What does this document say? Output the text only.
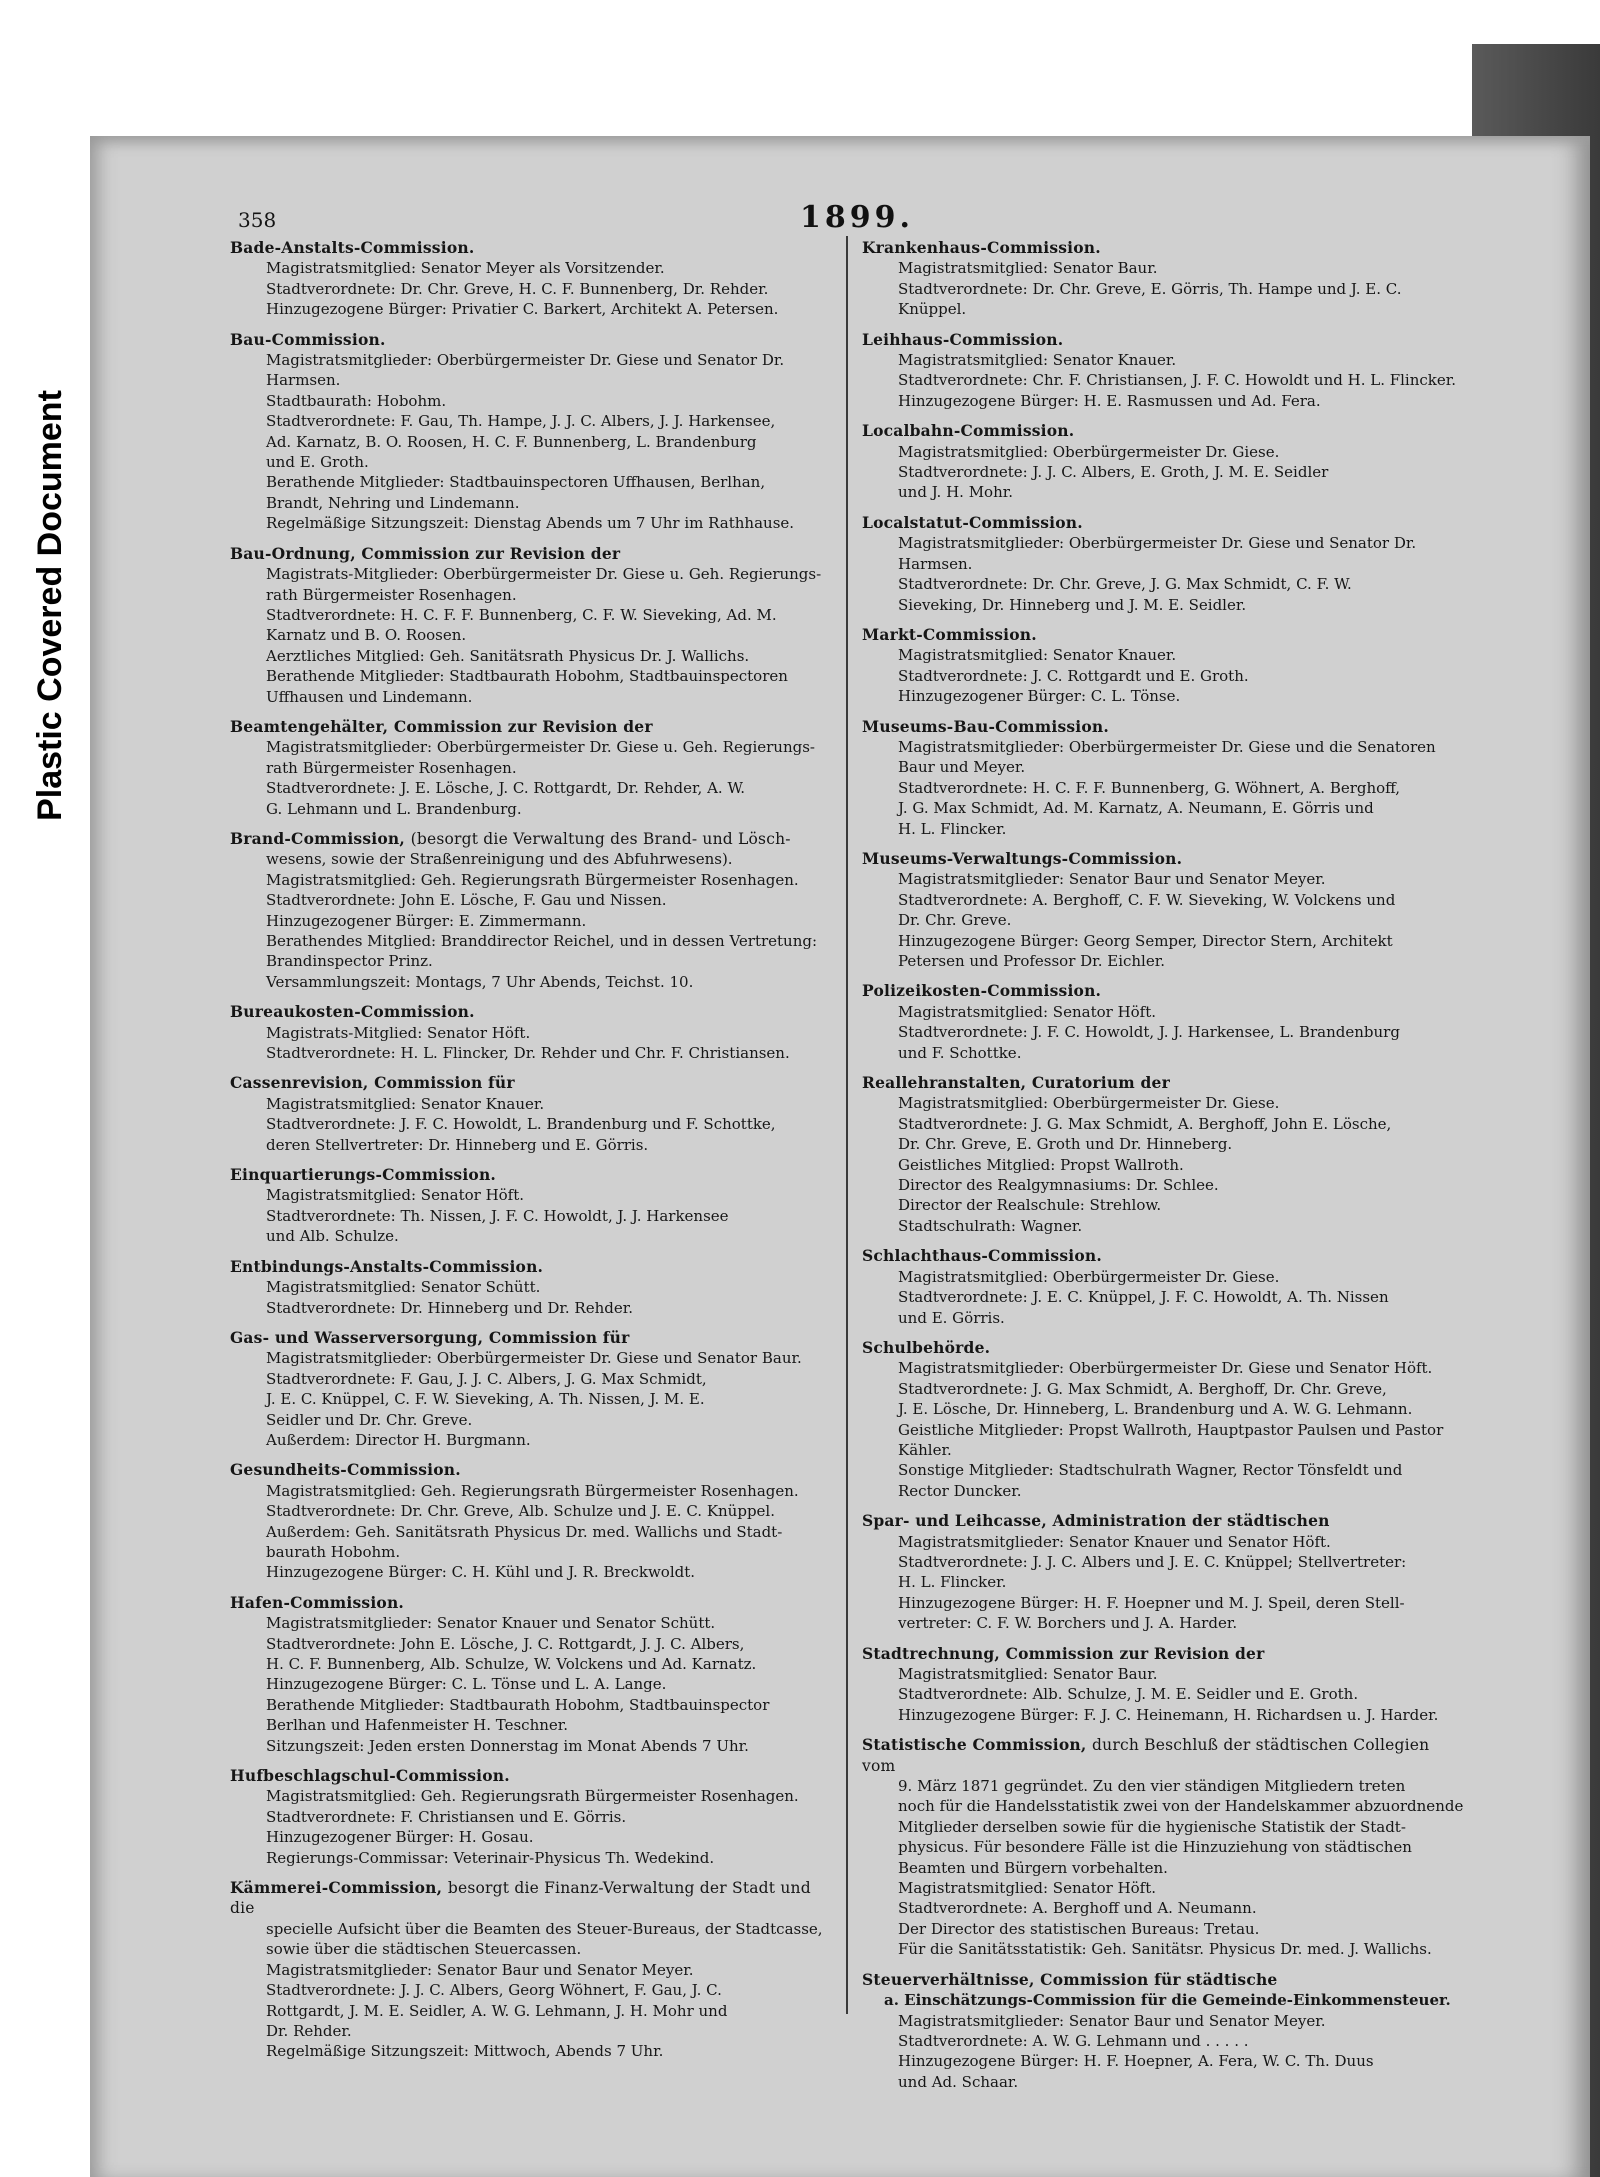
Plastic Covered Document
358	1899.
Bade-Anstalts-Commission.
Magistratsmitglied: Senator Meyer als Vorsitzender.
Stadtverordnete: Dr. Chr. Greve, H. C. F. Bunnenberg, Dr. Rehder.
Hinzugezogene Bürger: Privatier C. Barkert, Architekt A. Petersen.
Bau-Commission.
Magistratsmitglieder: Oberbürgermeister Dr. Giese und Senator Dr.
Harmsen.
Stadtbaurath: Hobohm.
Stadtverordnete: F. Gau, Th. Hampe, J. J. C. Albers, J. J. Harkensee,
Ad. Karnatz, B. O. Roosen, H. C. F. Bunnenberg, L. Brandenburg
und E. Groth.
Berathende Mitglieder: Stadtbauinspectoren Uffhausen, Berlhan,
Brandt, Nehring und Lindemann.
Regelmäßige Sitzungszeit: Dienstag Abends um 7 Uhr im Rathhause.
Bau-Ordnung, Commission zur Revision der
Magistrats-Mitglieder: Oberbürgermeister Dr. Giese u. Geh. Regierungs-
rath Bürgermeister Rosenhagen.
Stadtverordnete: H. C. F. F. Bunnenberg, C. F. W. Sieveking, Ad. M.
Karnatz und B. O. Roosen.
Aerztliches Mitglied: Geh. Sanitätsrath Physicus Dr. J. Wallichs.
Berathende Mitglieder: Stadtbaurath Hobohm, Stadtbauinspectoren
Uffhausen und Lindemann.
Beamtengehälter, Commission zur Revision der
Magistratsmitglieder: Oberbürgermeister Dr. Giese u. Geh. Regierungs-
rath Bürgermeister Rosenhagen.
Stadtverordnete: J. E. Lösche, J. C. Rottgardt, Dr. Rehder, A. W.
G. Lehmann und L. Brandenburg.
Brand-Commission, (besorgt die Verwaltung des Brand- und Lösch-
wesens, sowie der Straßenreinigung und des Abfuhrwesens).
Magistratsmitglied: Geh. Regierungsrath Bürgermeister Rosenhagen.
Stadtverordnete: John E. Lösche, F. Gau und Nissen.
Hinzugezogener Bürger: E. Zimmermann.
Berathendes Mitglied: Branddirector Reichel, und in dessen Vertretung:
Brandinspector Prinz.
Versammlungszeit: Montags, 7 Uhr Abends, Teichst. 10.
Bureaukosten-Commission.
Magistrats-Mitglied: Senator Höft.
Stadtverordnete: H. L. Flincker, Dr. Rehder und Chr. F. Christiansen.
Cassenrevision, Commission für
Magistratsmitglied: Senator Knauer.
Stadtverordnete: J. F. C. Howoldt, L. Brandenburg und F. Schottke,
deren Stellvertreter: Dr. Hinneberg und E. Görris.
Einquartierungs-Commission.
Magistratsmitglied: Senator Höft.
Stadtverordnete: Th. Nissen, J. F. C. Howoldt, J. J. Harkensee
und Alb. Schulze.
Entbindungs-Anstalts-Commission.
Magistratsmitglied: Senator Schütt.
Stadtverordnete: Dr. Hinneberg und Dr. Rehder.
Gas- und Wasserversorgung, Commission für
Magistratsmitglieder: Oberbürgermeister Dr. Giese und Senator Baur.
Stadtverordnete: F. Gau, J. J. C. Albers, J. G. Max Schmidt,
J. E. C. Knüppel, C. F. W. Sieveking, A. Th. Nissen, J. M. E.
Seidler und Dr. Chr. Greve.
Außerdem: Director H. Burgmann.
Gesundheits-Commission.
Magistratsmitglied: Geh. Regierungsrath Bürgermeister Rosenhagen.
Stadtverordnete: Dr. Chr. Greve, Alb. Schulze und J. E. C. Knüppel.
Außerdem: Geh. Sanitätsrath Physicus Dr. med. Wallichs und Stadt-
baurath Hobohm.
Hinzugezogene Bürger: C. H. Kühl und J. R. Breckwoldt.
Hafen-Commission.
Magistratsmitglieder: Senator Knauer und Senator Schütt.
Stadtverordnete: John E. Lösche, J. C. Rottgardt, J. J. C. Albers,
H. C. F. Bunnenberg, Alb. Schulze, W. Volckens und Ad. Karnatz.
Hinzugezogene Bürger: C. L. Tönse und L. A. Lange.
Berathende Mitglieder: Stadtbaurath Hobohm, Stadtbauinspector
Berlhan und Hafenmeister H. Teschner.
Sitzungszeit: Jeden ersten Donnerstag im Monat Abends 7 Uhr.
Hufbeschlagschul-Commission.
Magistratsmitglied: Geh. Regierungsrath Bürgermeister Rosenhagen.
Stadtverordnete: F. Christiansen und E. Görris.
Hinzugezogener Bürger: H. Gosau.
Regierungs-Commissar: Veterinair-Physicus Th. Wedekind.
Kämmerei-Commission, besorgt die Finanz-Verwaltung der Stadt und die
specielle Aufsicht über die Beamten des Steuer-Bureaus, der Stadtcasse,
sowie über die städtischen Steuercassen.
Magistratsmitglieder: Senator Baur und Senator Meyer.
Stadtverordnete: J. J. C. Albers, Georg Wöhnert, F. Gau, J. C.
Rottgardt, J. M. E. Seidler, A. W. G. Lehmann, J. H. Mohr und
Dr. Rehder.
Regelmäßige Sitzungszeit: Mittwoch, Abends 7 Uhr.
Krankenhaus-Commission.
Magistratsmitglied: Senator Baur.
Stadtverordnete: Dr. Chr. Greve, E. Görris, Th. Hampe und J. E. C. Knüppel.
Leihhaus-Commission.
Magistratsmitglied: Senator Knauer.
Stadtverordnete: Chr. F. Christiansen, J. F. C. Howoldt und H. L. Flincker.
Hinzugezogene Bürger: H. E. Rasmussen und Ad. Fera.
Localbahn-Commission.
Magistratsmitglied: Oberbürgermeister Dr. Giese.
Stadtverordnete: J. J. C. Albers, E. Groth, J. M. E. Seidler
und J. H. Mohr.
Localstatut-Commission.
Magistratsmitglieder: Oberbürgermeister Dr. Giese und Senator Dr.
Harmsen.
Stadtverordnete: Dr. Chr. Greve, J. G. Max Schmidt, C. F. W.
Sieveking, Dr. Hinneberg und J. M. E. Seidler.
Markt-Commission.
Magistratsmitglied: Senator Knauer.
Stadtverordnete: J. C. Rottgardt und E. Groth.
Hinzugezogener Bürger: C. L. Tönse.
Museums-Bau-Commission.
Magistratsmitglieder: Oberbürgermeister Dr. Giese und die Senatoren
Baur und Meyer.
Stadtverordnete: H. C. F. F. Bunnenberg, G. Wöhnert, A. Berghoff,
J. G. Max Schmidt, Ad. M. Karnatz, A. Neumann, E. Görris und
H. L. Flincker.
Museums-Verwaltungs-Commission.
Magistratsmitglieder: Senator Baur und Senator Meyer.
Stadtverordnete: A. Berghoff, C. F. W. Sieveking, W. Volckens und
Dr. Chr. Greve.
Hinzugezogene Bürger: Georg Semper, Director Stern, Architekt
Petersen und Professor Dr. Eichler.
Polizeikosten-Commission.
Magistratsmitglied: Senator Höft.
Stadtverordnete: J. F. C. Howoldt, J. J. Harkensee, L. Brandenburg
und F. Schottke.
Reallehranstalten, Curatorium der
Magistratsmitglied: Oberbürgermeister Dr. Giese.
Stadtverordnete: J. G. Max Schmidt, A. Berghoff, John E. Lösche,
Dr. Chr. Greve, E. Groth und Dr. Hinneberg.
Geistliches Mitglied: Propst Wallroth.
Director des Realgymnasiums: Dr. Schlee.
Director der Realschule: Strehlow.
Stadtschulrath: Wagner.
Schlachthaus-Commission.
Magistratsmitglied: Oberbürgermeister Dr. Giese.
Stadtverordnete: J. E. C. Knüppel, J. F. C. Howoldt, A. Th. Nissen
und E. Görris.
Schulbehörde.
Magistratsmitglieder: Oberbürgermeister Dr. Giese und Senator Höft.
Stadtverordnete: J. G. Max Schmidt, A. Berghoff, Dr. Chr. Greve,
J. E. Lösche, Dr. Hinneberg, L. Brandenburg und A. W. G. Lehmann.
Geistliche Mitglieder: Propst Wallroth, Hauptpastor Paulsen und Pastor
Kähler.
Sonstige Mitglieder: Stadtschulrath Wagner, Rector Tönsfeldt und
Rector Duncker.
Spar- und Leihcasse, Administration der städtischen
Magistratsmitglieder: Senator Knauer und Senator Höft.
Stadtverordnete: J. J. C. Albers und J. E. C. Knüppel; Stellvertreter:
H. L. Flincker.
Hinzugezogene Bürger: H. F. Hoepner und M. J. Speil, deren Stell-
vertreter: C. F. W. Borchers und J. A. Harder.
Stadtrechnung, Commission zur Revision der
Magistratsmitglied: Senator Baur.
Stadtverordnete: Alb. Schulze, J. M. E. Seidler und E. Groth.
Hinzugezogene Bürger: F. J. C. Heinemann, H. Richardsen u. J. Harder.
Statistische Commission, durch Beschluß der städtischen Collegien vom
9. März 1871 gegründet. Zu den vier ständigen Mitgliedern treten
noch für die Handelsstatistik zwei von der Handelskammer abzuordnende
Mitglieder derselben sowie für die hygienische Statistik der Stadt-
physicus. Für besondere Fälle ist die Hinzuziehung von städtischen
Beamten und Bürgern vorbehalten.
Magistratsmitglied: Senator Höft.
Stadtverordnete: A. Berghoff und A. Neumann.
Der Director des statistischen Bureaus: Tretau.
Für die Sanitätsstatistik: Geh. Sanitätsr. Physicus Dr. med. J. Wallichs.
Steuerverhältnisse, Commission für städtische
a. Einschätzungs-Commission für die Gemeinde-Einkommensteuer.
Magistratsmitglieder: Senator Baur und Senator Meyer.
Stadtverordnete: A. W. G. Lehmann und . . . . .
Hinzugezogene Bürger: H. F. Hoepner, A. Fera, W. C. Th. Duus
und Ad. Schaar.
